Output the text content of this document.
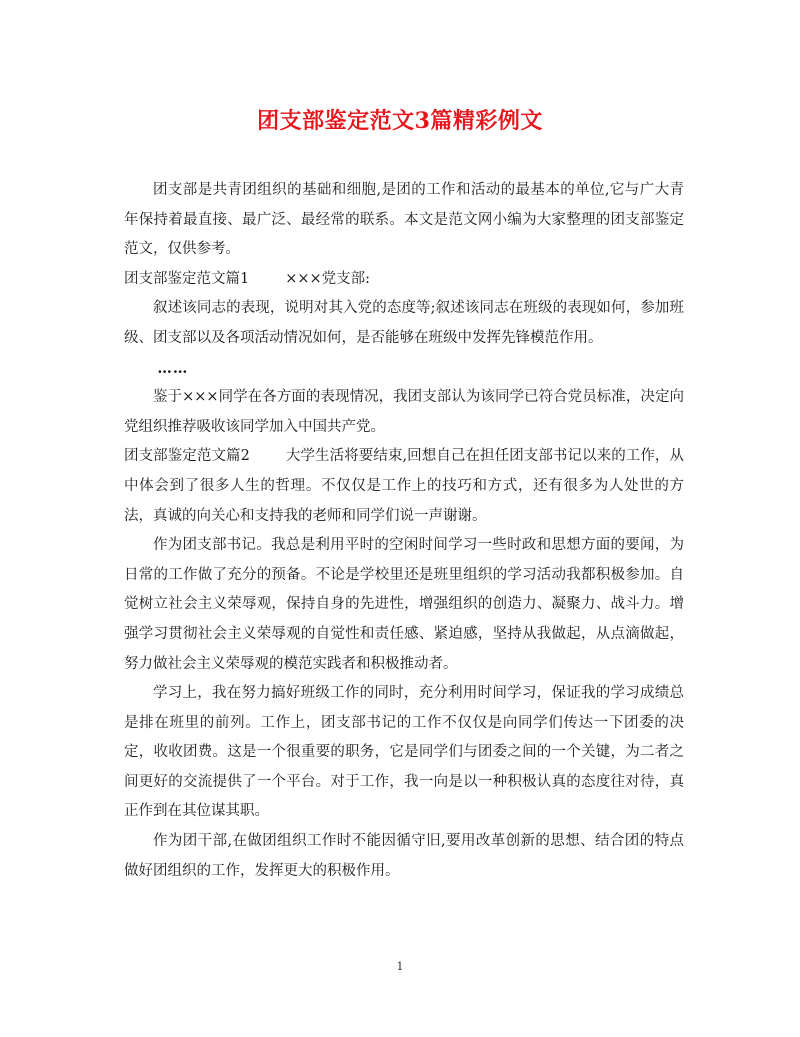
团支部鉴定范文3篇精彩例文

团支部是共青团组织的基础和细胞,是团的工作和活动的最基本的单位,它与广大青年保持着最直接、最广泛、最经常的联系。本文是范文网小编为大家整理的团支部鉴定范文，仅供参考。

团支部鉴定范文篇1 ×××党支部:

叙述该同志的表现，说明对其入党的态度等;叙述该同志在班级的表现如何，参加班级、团支部以及各项活动情况如何，是否能够在班级中发挥先锋模范作用。

……

鉴于×××同学在各方面的表现情况，我团支部认为该同学已符合党员标准，决定向党组织推荐吸收该同学加入中国共产党。

团支部鉴定范文篇2 大学生活将要结束,回想自己在担任团支部书记以来的工作，从中体会到了很多人生的哲理。不仅仅是工作上的技巧和方式，还有很多为人处世的方法，真诚的向关心和支持我的老师和同学们说一声谢谢。

作为团支部书记。我总是利用平时的空闲时间学习一些时政和思想方面的要闻，为日常的工作做了充分的预备。不论是学校里还是班里组织的学习活动我都积极参加。自觉树立社会主义荣辱观，保持自身的先进性，增强组织的创造力、凝聚力、战斗力。增强学习贯彻社会主义荣辱观的自觉性和责任感、紧迫感，坚持从我做起，从点滴做起，努力做社会主义荣辱观的模范实践者和积极推动者。

学习上，我在努力搞好班级工作的同时，充分利用时间学习，保证我的学习成绩总是排在班里的前列。工作上，团支部书记的工作不仅仅是向同学们传达一下团委的决定，收收团费。这是一个很重要的职务，它是同学们与团委之间的一个关键，为二者之间更好的交流提供了一个平台。对于工作，我一向是以一种积极认真的态度往对待，真正作到在其位谋其职。

作为团干部,在做团组织工作时不能因循守旧,要用改革创新的思想、结合团的特点做好团组织的工作，发挥更大的积极作用。

1
